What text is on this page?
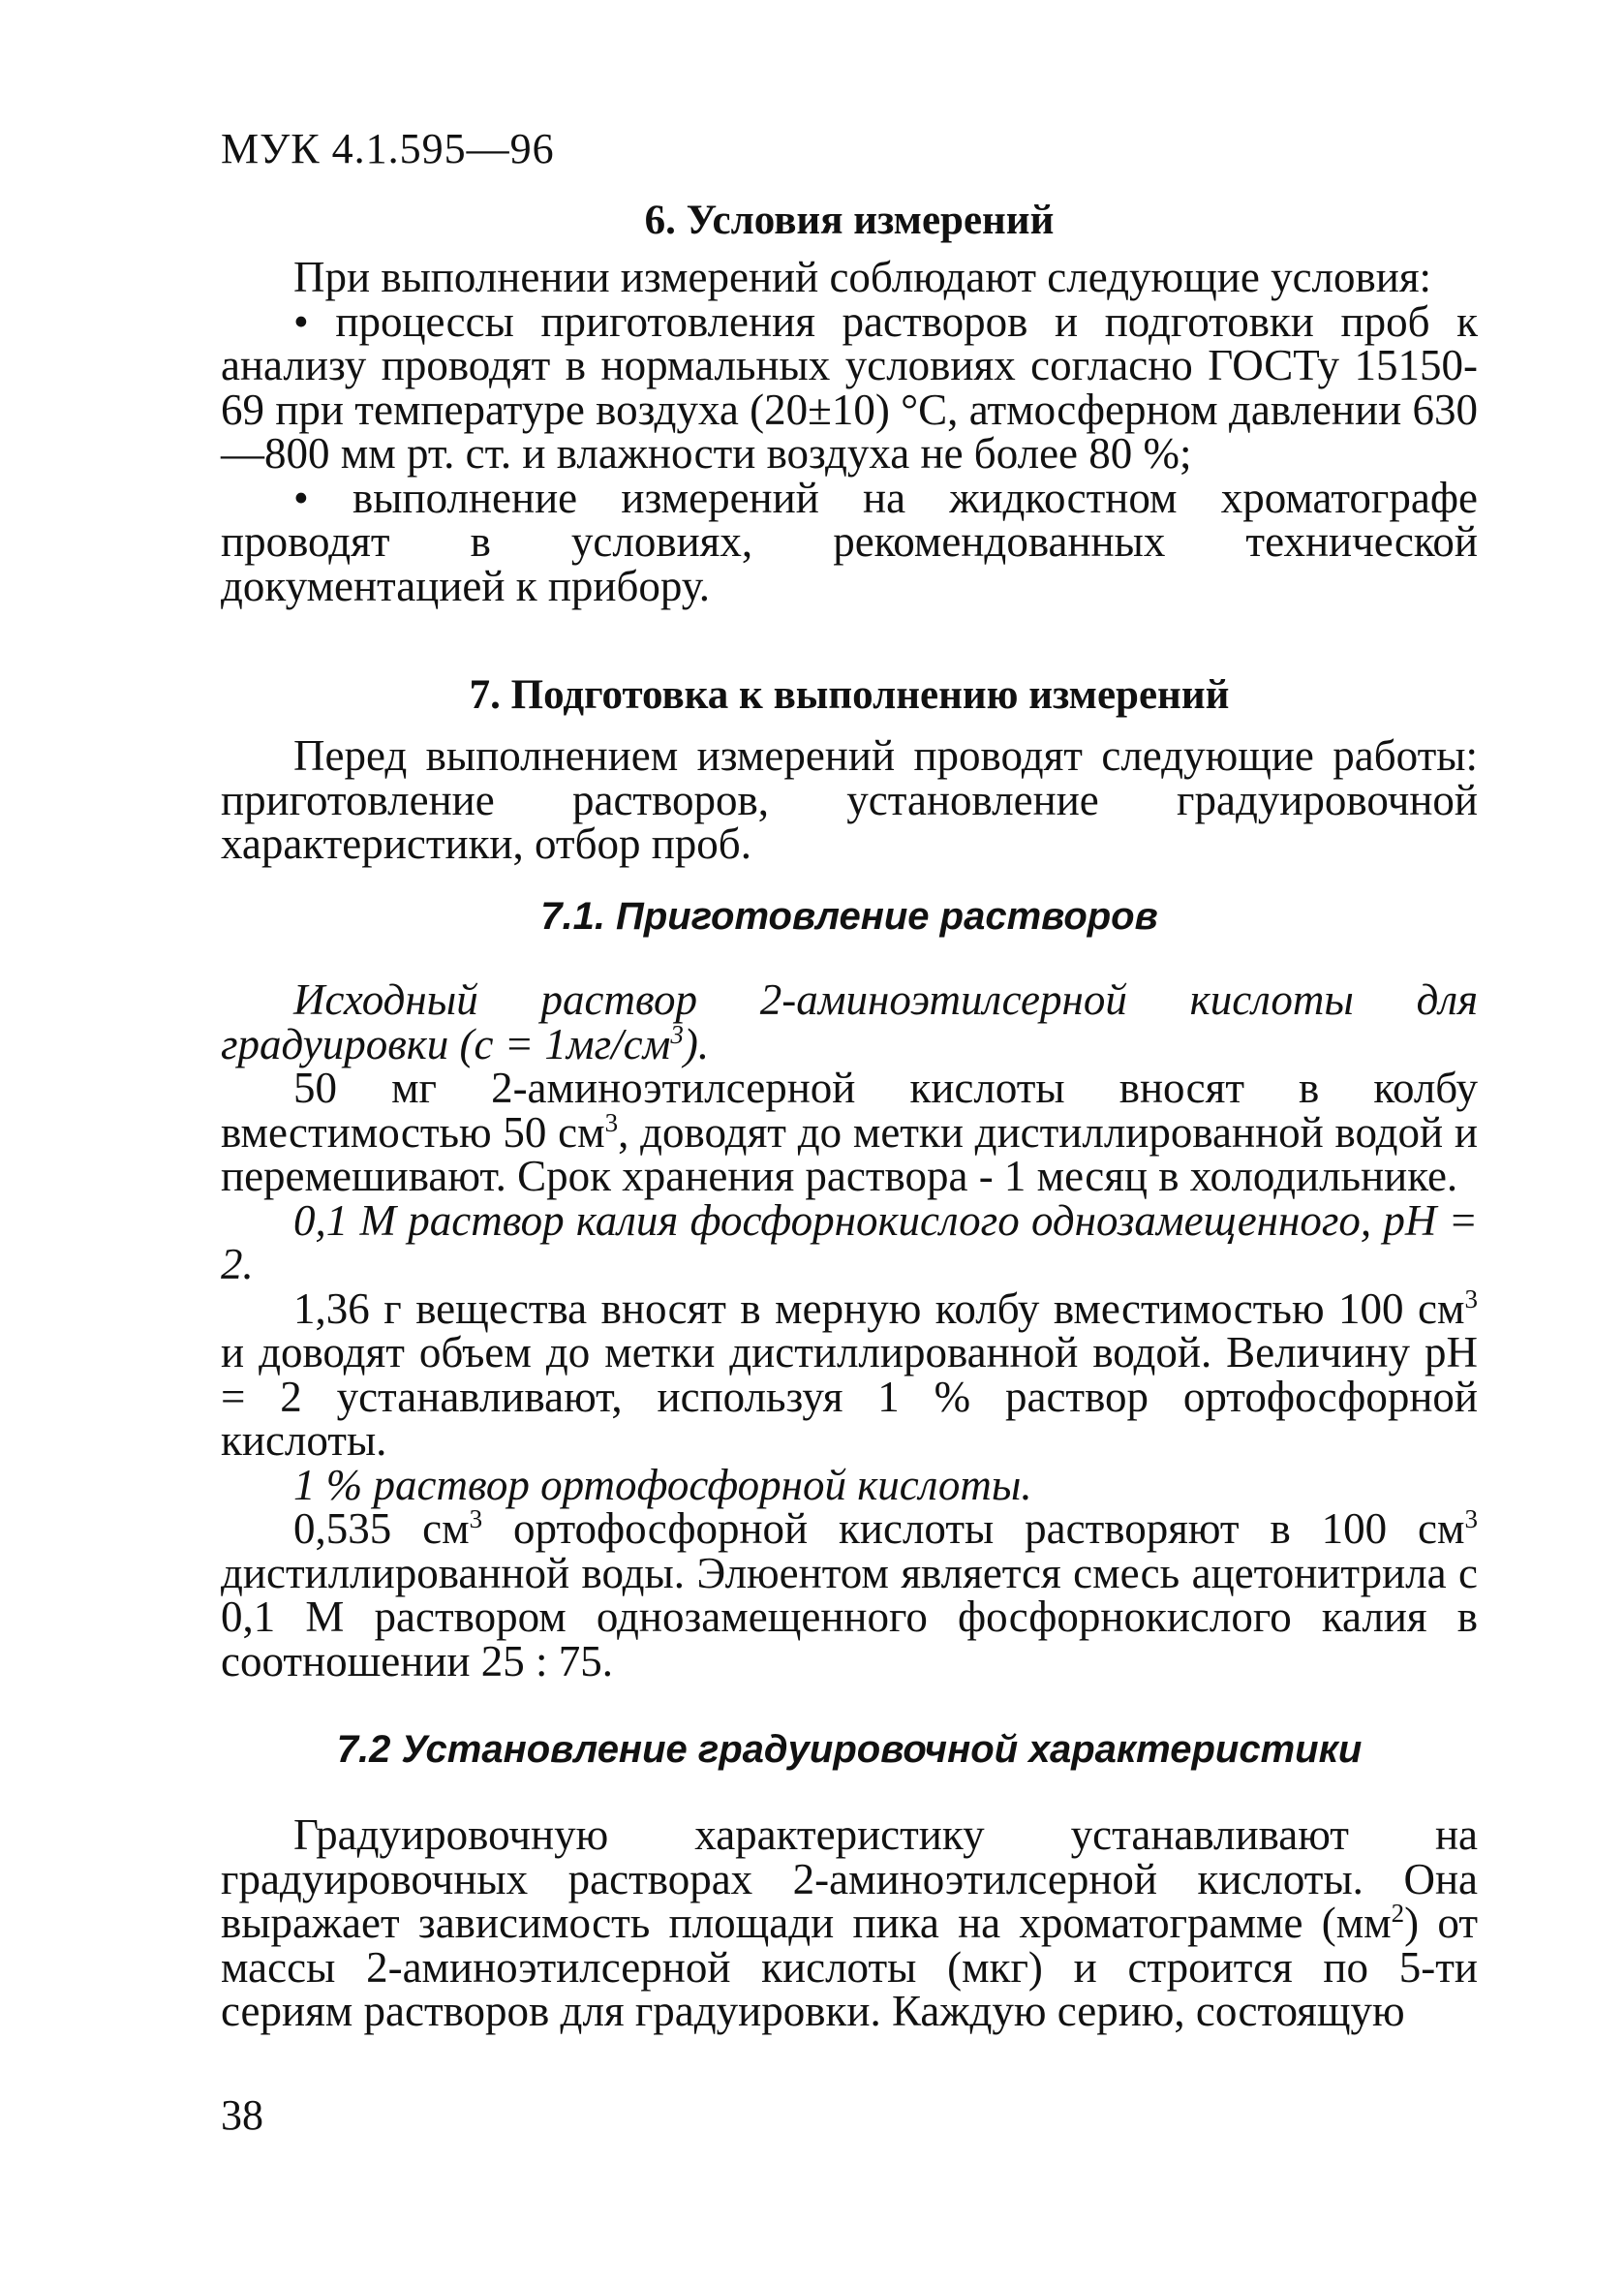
МУК 4.1.595—96
6. Условия измерений

При выполнении измерений соблюдают следующие условия:

• процессы приготовления растворов и подготовки проб к анализу проводят в нормальных условиях согласно ГОСТу 15150-69 при температуре воздуха (20±10) °С, атмосферном давлении 630—800 мм рт. ст. и влажности воздуха не более 80 %;

• выполнение измерений на жидкостном хроматографе проводят в условиях, рекомендованных технической документацией к прибору.

7. Подготовка к выполнению измерений

Перед выполнением измерений проводят следующие работы: приготовление растворов, установление градуировочной характеристики, отбор проб.

7.1. Приготовление растворов

Исходный раствор 2-аминоэтилсерной кислоты для градуировки $(с = 1мг/см^3)$.

50 мг 2-аминоэтилсерной кислоты вносят в колбу вместимостью 50 $см^3$, доводят до метки дистиллированной водой и перемешивают. Срок хранения раствора - 1 месяц в холодильнике.

0,1 М раствор калия фосфорнокислого однозамещенного, рН = 2.

1,36 г вещества вносят в мерную колбу вместимостью 100 $см^3$ и доводят объем до метки дистиллированной водой. Величину рН = 2 устанавливают, используя 1 % раствор ортофосфорной кислоты.

1 % раствор ортофосфорной кислоты.

0,535 $см^3$ ортофосфорной кислоты растворяют в 100 $см^3$ дистиллированной воды. Элюентом является смесь ацетонитрила с 0,1 М раствором однозамещенного фосфорнокислого калия в соотношении 25 : 75.

7.2 Установление градуировочной характеристики

Градуировочную характеристику устанавливают на градуировочных растворах 2-аминоэтилсерной кислоты. Она выражает зависимость площади пика на хроматограмме $(мм^2)$ от массы 2-аминоэтилсерной кислоты (мкг) и строится по 5-ти сериям растворов для градуировки. Каждую серию, состоящую

38
